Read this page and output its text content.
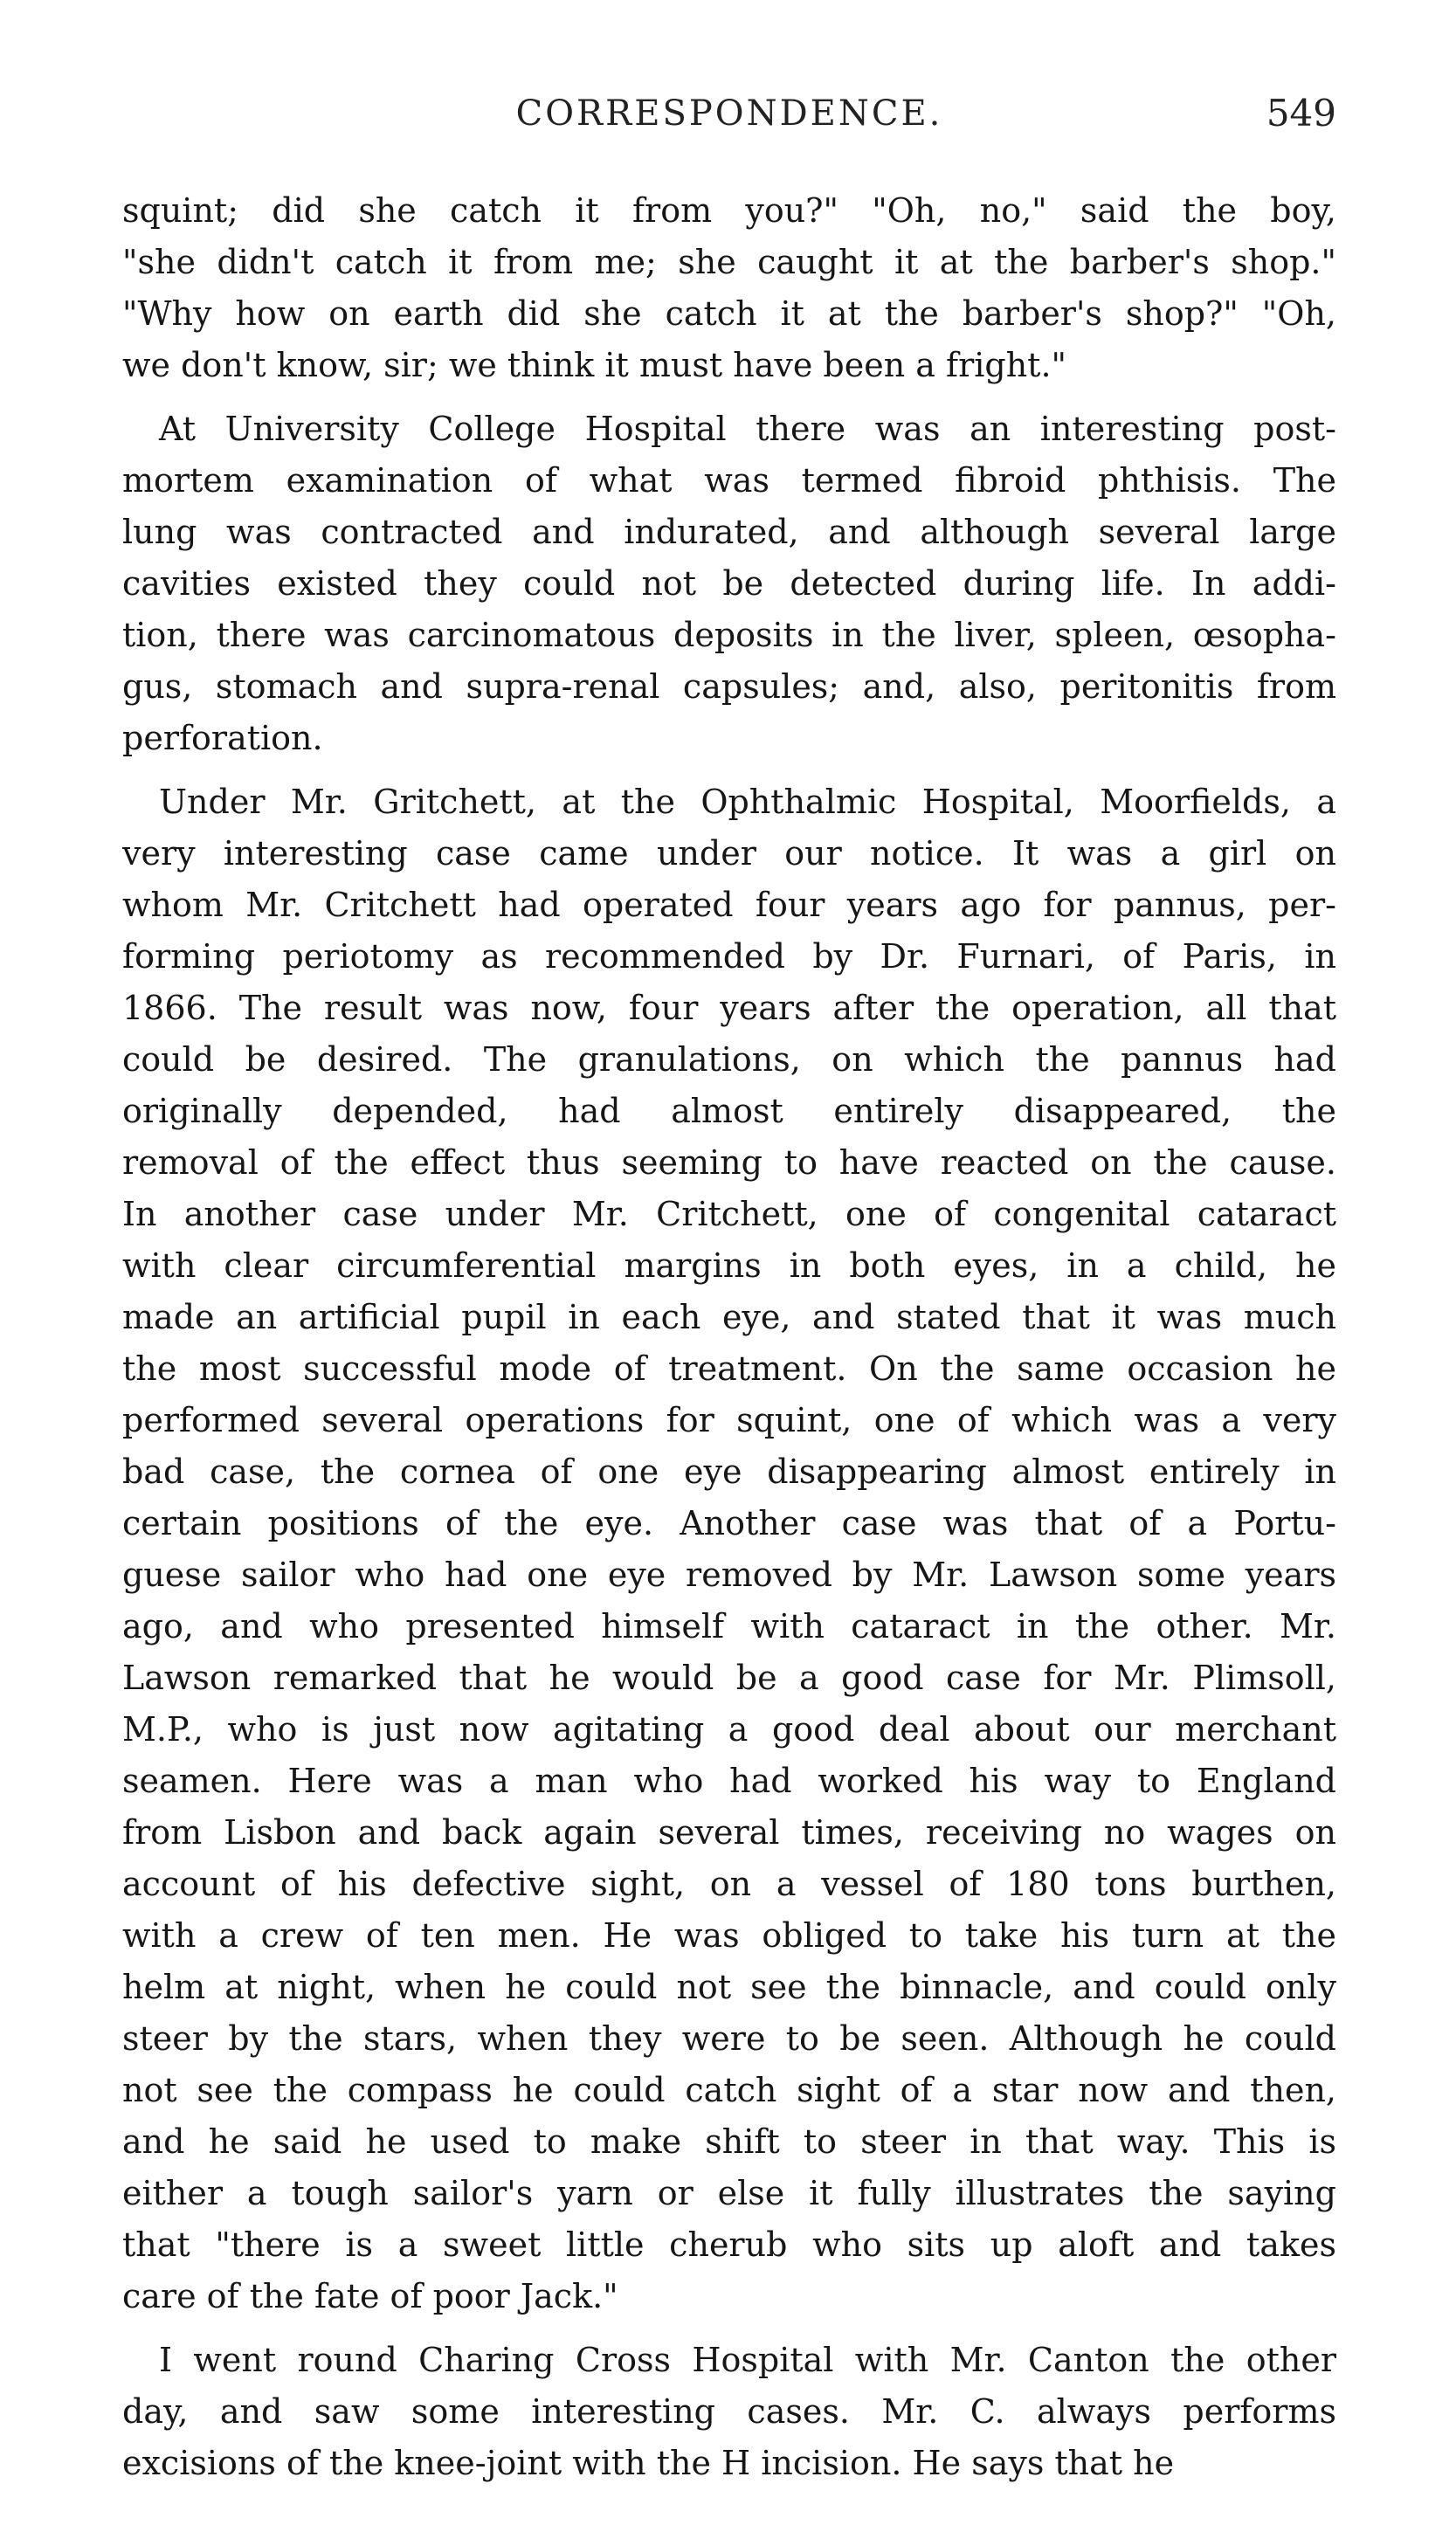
CORRESPONDENCE.	549
squint; did she catch it from you?" "Oh, no," said the boy,
"she didn't catch it from me; she caught it at the barber's shop."
"Why how on earth did she catch it at the barber's shop?" "Oh,
we don't know, sir; we think it must have been a fright."
At University College Hospital there was an interesting post-
mortem examination of what was termed fibroid phthisis. The
lung was contracted and indurated, and although several large
cavities existed they could not be detected during life. In addi-
tion, there was carcinomatous deposits in the liver, spleen, œsopha-
gus, stomach and supra-renal capsules; and, also, peritonitis from
perforation.
Under Mr. Gritchett, at the Ophthalmic Hospital, Moorfields, a
very interesting case came under our notice. It was a girl on
whom Mr. Critchett had operated four years ago for pannus, per-
forming periotomy as recommended by Dr. Furnari, of Paris, in
1866. The result was now, four years after the operation, all that
could be desired. The granulations, on which the pannus had
originally depended, had almost entirely disappeared, the
removal of the effect thus seeming to have reacted on the cause.
In another case under Mr. Critchett, one of congenital cataract
with clear circumferential margins in both eyes, in a child, he
made an artificial pupil in each eye, and stated that it was much
the most successful mode of treatment. On the same occasion he
performed several operations for squint, one of which was a very
bad case, the cornea of one eye disappearing almost entirely in
certain positions of the eye. Another case was that of a Portu-
guese sailor who had one eye removed by Mr. Lawson some years
ago, and who presented himself with cataract in the other. Mr.
Lawson remarked that he would be a good case for Mr. Plimsoll,
M.P., who is just now agitating a good deal about our merchant
seamen. Here was a man who had worked his way to England
from Lisbon and back again several times, receiving no wages on
account of his defective sight, on a vessel of 180 tons burthen,
with a crew of ten men. He was obliged to take his turn at the
helm at night, when he could not see the binnacle, and could only
steer by the stars, when they were to be seen. Although he could
not see the compass he could catch sight of a star now and then,
and he said he used to make shift to steer in that way. This is
either a tough sailor's yarn or else it fully illustrates the saying
that "there is a sweet little cherub who sits up aloft and takes
care of the fate of poor Jack."
I went round Charing Cross Hospital with Mr. Canton the other
day, and saw some interesting cases. Mr. C. always performs
excisions of the knee-joint with the H incision. He says that he
